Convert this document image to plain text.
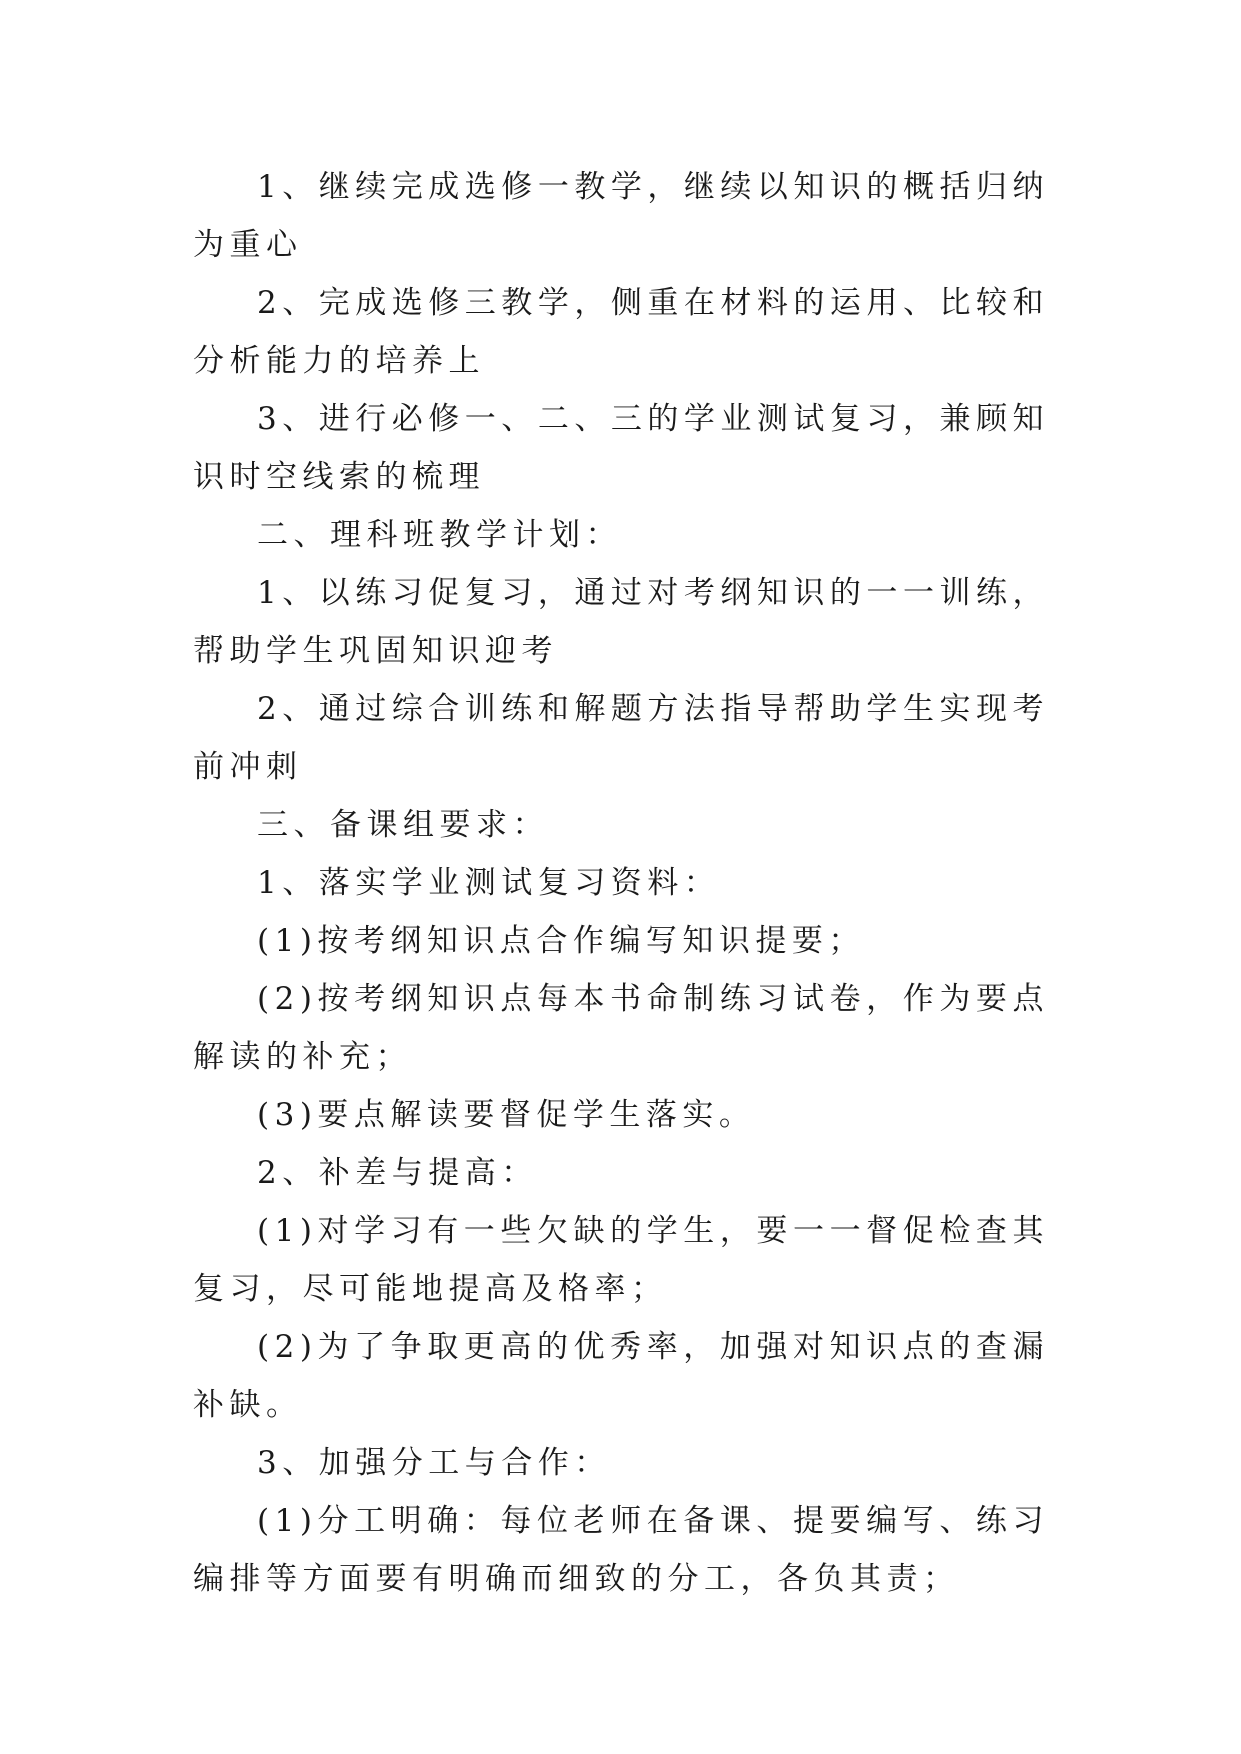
1、继续完成选修一教学，继续以知识的概括归纳为重心

2、完成选修三教学，侧重在材料的运用、比较和分析能力的培养上

3、进行必修一、二、三的学业测试复习，兼顾知识时空线索的梳理

二、理科班教学计划：

1、以练习促复习，通过对考纲知识的一一训练，帮助学生巩固知识迎考

2、通过综合训练和解题方法指导帮助学生实现考前冲刺

三、备课组要求：

1、落实学业测试复习资料：

(1)按考纲知识点合作编写知识提要；

(2)按考纲知识点每本书命制练习试卷，作为要点解读的补充；

(3)要点解读要督促学生落实。

2、补差与提高：

(1)对学习有一些欠缺的学生，要一一督促检查其复习，尽可能地提高及格率；

(2)为了争取更高的优秀率，加强对知识点的查漏补缺。

3、加强分工与合作：

(1)分工明确：每位老师在备课、提要编写、练习编排等方面要有明确而细致的分工，各负其责；
